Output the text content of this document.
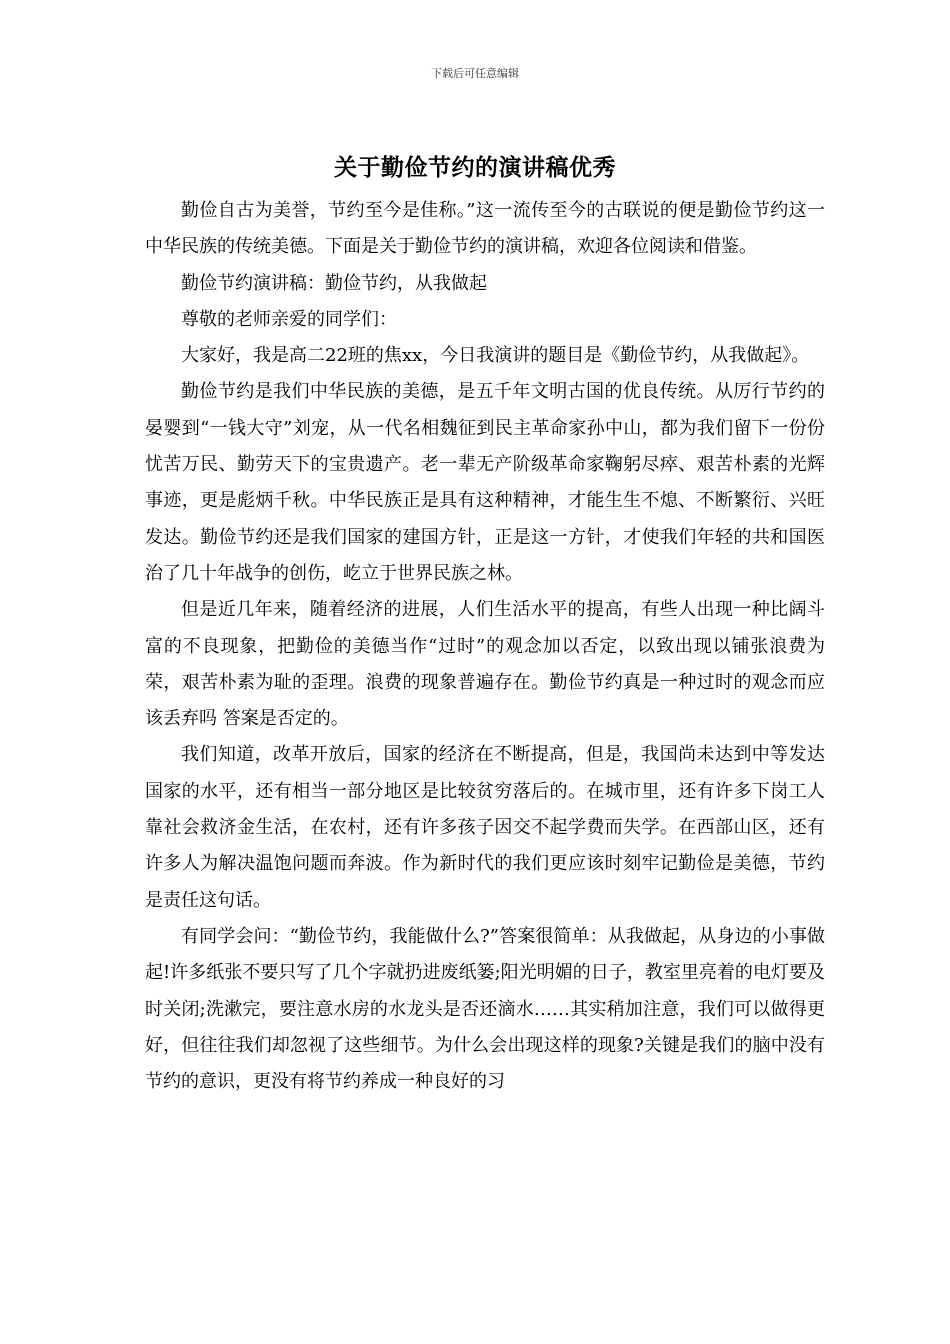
下载后可任意编辑
关于勤俭节约的演讲稿优秀

勤俭自古为美誉，节约至今是佳称。”这一流传至今的古联说的便是勤俭节约这一中华民族的传统美德。下面是关于勤俭节约的演讲稿，欢迎各位阅读和借鉴。

勤俭节约演讲稿：勤俭节约，从我做起

尊敬的老师亲爱的同学们：

大家好，我是高二22班的焦xx，今日我演讲的题目是《勤俭节约，从我做起》。

勤俭节约是我们中华民族的美德，是五千年文明古国的优良传统。从厉行节约的晏婴到“一钱大守”刘宠，从一代名相魏征到民主革命家孙中山，都为我们留下一份份忧苦万民、勤劳天下的宝贵遗产。老一辈无产阶级革命家鞠躬尽瘁、艰苦朴素的光辉事迹，更是彪炳千秋。中华民族正是具有这种精神，才能生生不熄、不断繁衍、兴旺发达。勤俭节约还是我们国家的建国方针，正是这一方针，才使我们年轻的共和国医治了几十年战争的创伤，屹立于世界民族之林。

但是近几年来，随着经济的进展，人们生活水平的提高，有些人出现一种比阔斗富的不良现象，把勤俭的美德当作“过时”的观念加以否定，以致出现以铺张浪费为荣，艰苦朴素为耻的歪理。浪费的现象普遍存在。勤俭节约真是一种过时的观念而应该丢弃吗 答案是否定的。

我们知道，改革开放后，国家的经济在不断提高，但是，我国尚未达到中等发达国家的水平，还有相当一部分地区是比较贫穷落后的。在城市里，还有许多下岗工人靠社会救济金生活，在农村，还有许多孩子因交不起学费而失学。在西部山区，还有许多人为解决温饱问题而奔波。作为新时代的我们更应该时刻牢记勤俭是美德，节约是责任这句话。

有同学会问：“勤俭节约，我能做什么?”答案很简单：从我做起，从身边的小事做起!许多纸张不要只写了几个字就扔进废纸篓;阳光明媚的日子，教室里亮着的电灯要及时关闭;洗漱完，要注意水房的水龙头是否还滴水……其实稍加注意，我们可以做得更好，但往往我们却忽视了这些细节。为什么会出现这样的现象?关键是我们的脑中没有节约的意识，更没有将节约养成一种良好的习
